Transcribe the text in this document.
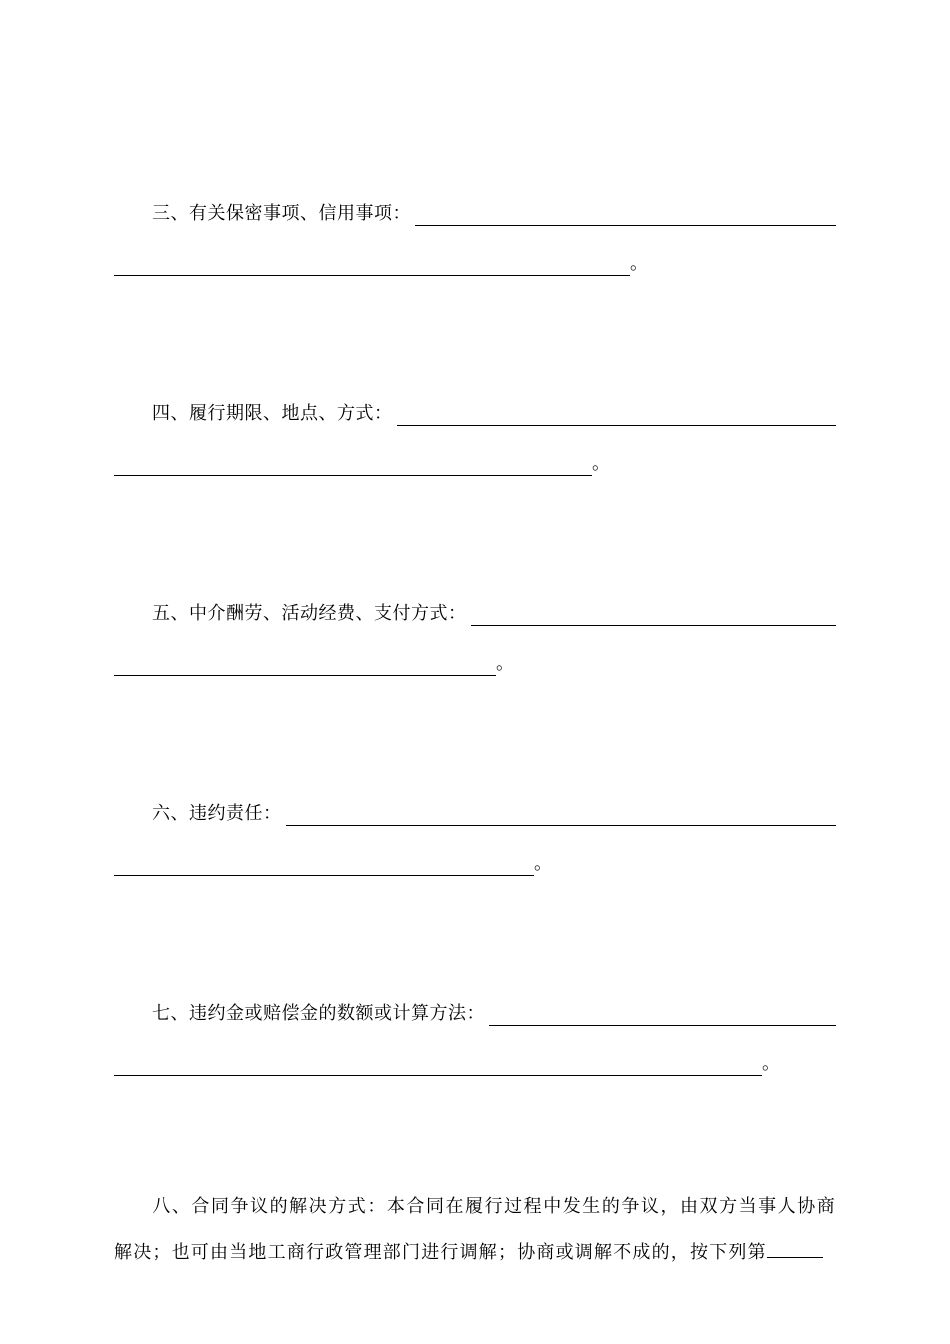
三、有关保密事项、信用事项：
。
四、履行期限、地点、方式：
。
五、中介酬劳、活动经费、支付方式：
。
六、违约责任：
。
七、违约金或赔偿金的数额或计算方法：
。
八、合同争议的解决方式：本合同在履行过程中发生的争议，由双方当事人协商解决；也可由当地工商行政管理部门进行调解；协商或调解不成的，按下列第
